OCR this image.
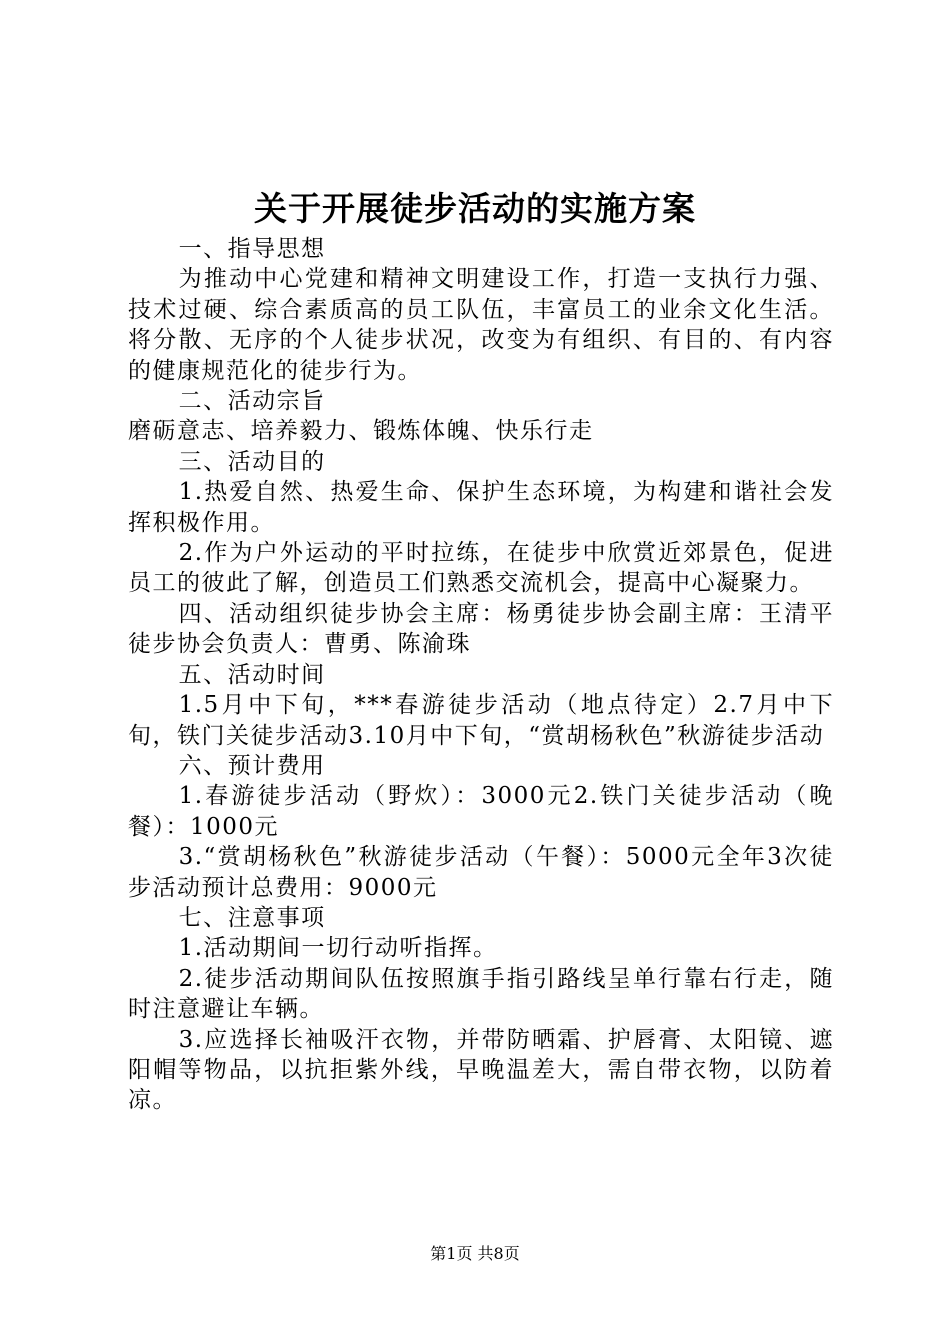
关于开展徒步活动的实施方案

一、指导思想

为推动中心党建和精神文明建设工作，打造一支执行力强、技术过硬、综合素质高的员工队伍，丰富员工的业余文化生活。将分散、无序的个人徒步状况，改变为有组织、有目的、有内容的健康规范化的徒步行为。

二、活动宗旨

磨砺意志、培养毅力、锻炼体魄、快乐行走

三、活动目的

1.热爱自然、热爱生命、保护生态环境，为构建和谐社会发挥积极作用。

2.作为户外运动的平时拉练，在徒步中欣赏近郊景色，促进员工的彼此了解，创造员工们熟悉交流机会，提高中心凝聚力。

四、活动组织徒步协会主席：杨勇徒步协会副主席：王清平徒步协会负责人：曹勇、陈渝珠

五、活动时间

1.5月中下旬，***春游徒步活动（地点待定）2.7月中下旬，铁门关徒步活动3.10月中下旬，“赏胡杨秋色”秋游徒步活动

六、预计费用

1.春游徒步活动（野炊）：3000元2.铁门关徒步活动（晚餐）：1000元

3.“赏胡杨秋色”秋游徒步活动（午餐）：5000元全年3次徒步活动预计总费用：9000元

七、注意事项

1.活动期间一切行动听指挥。

2.徒步活动期间队伍按照旗手指引路线呈单行靠右行走，随时注意避让车辆。

3.应选择长袖吸汗衣物，并带防晒霜、护唇膏、太阳镜、遮阳帽等物品，以抗拒紫外线，早晚温差大，需自带衣物，以防着凉。

第1页 共8页
